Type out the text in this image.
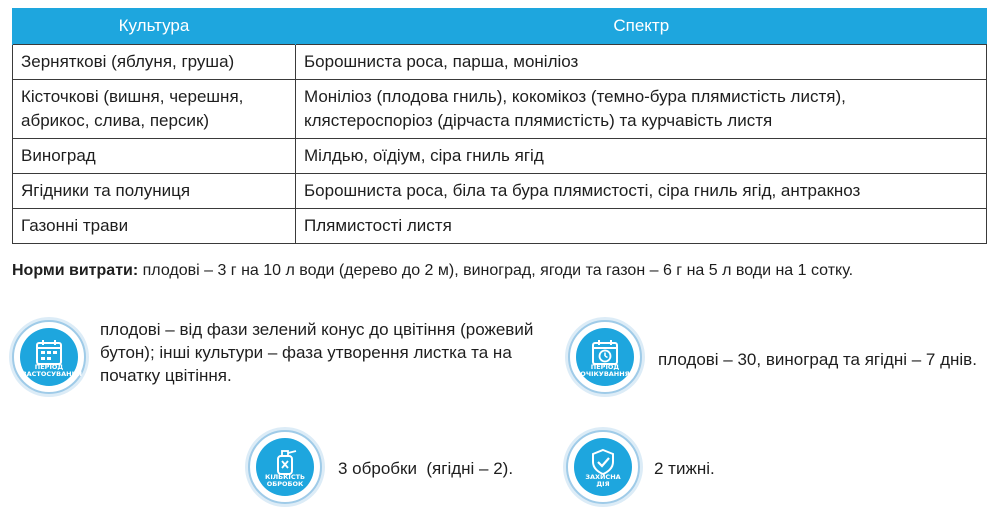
Культура	Спектр
Зерняткові (яблуня, груша)	Борошниста роса, парша, моніліоз
Кісточкові (вишня, черешня, абрикос, слива, персик)	Моніліоз (плодова гниль), кокомікоз (темно-бура плямистість листя), клястероспоріоз (дірчаста плямистість) та курчавість листя
Виноград	Мілдью, оїдіум, сіра гниль ягід
Ягідники та полуниця	Борошниста роса, біла та бура плямистості, сіра гниль ягід, антракноз
Газонні трави	Плямистості листя
Норми витрати: плодові – 3 г на 10 л води (дерево до 2 м), виноград, ягоди та газон – 6 г на 5 л води на 1 сотку.
ПЕРІОД
ЗАСТОСУВАННЯ
плодові – від фази зелений конус до цвітіння (рожевий бутон); інші культури – фаза утворення листка та на початку цвітіння.	ПЕРІОД
ОЧІКУВАННЯ
плодові – 30, виноград та ягідні – 7 днів.
КІЛЬКІСТЬ
ОБРОБОК
3 обробки  (ягідні – 2).	ЗАХИСНА
ДІЯ
2 тижні.
